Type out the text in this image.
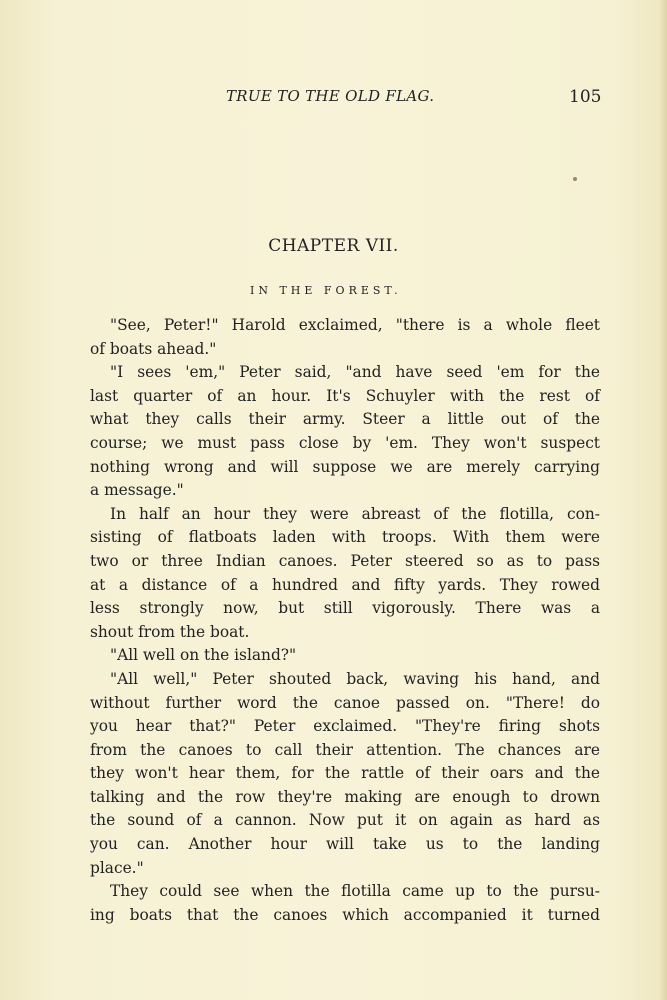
TRUE TO THE OLD FLAG.	105
CHAPTER VII.
IN THE FOREST.
"See, Peter!" Harold exclaimed, "there is a whole fleet
of boats ahead."
"I sees 'em," Peter said, "and have seed 'em for the
last quarter of an hour. It's Schuyler with the rest of
what they calls their army. Steer a little out of the
course; we must pass close by 'em. They won't suspect
nothing wrong and will suppose we are merely carrying
a message."
In half an hour they were abreast of the flotilla, con-
sisting of flatboats laden with troops. With them were
two or three Indian canoes. Peter steered so as to pass
at a distance of a hundred and fifty yards. They rowed
less strongly now, but still vigorously. There was a
shout from the boat.
"All well on the island?"
"All well," Peter shouted back, waving his hand, and
without further word the canoe passed on. "There! do
you hear that?" Peter exclaimed. "They're firing shots
from the canoes to call their attention. The chances are
they won't hear them, for the rattle of their oars and the
talking and the row they're making are enough to drown
the sound of a cannon. Now put it on again as hard as
you can. Another hour will take us to the landing
place."
They could see when the flotilla came up to the pursu-
ing boats that the canoes which accompanied it turned
